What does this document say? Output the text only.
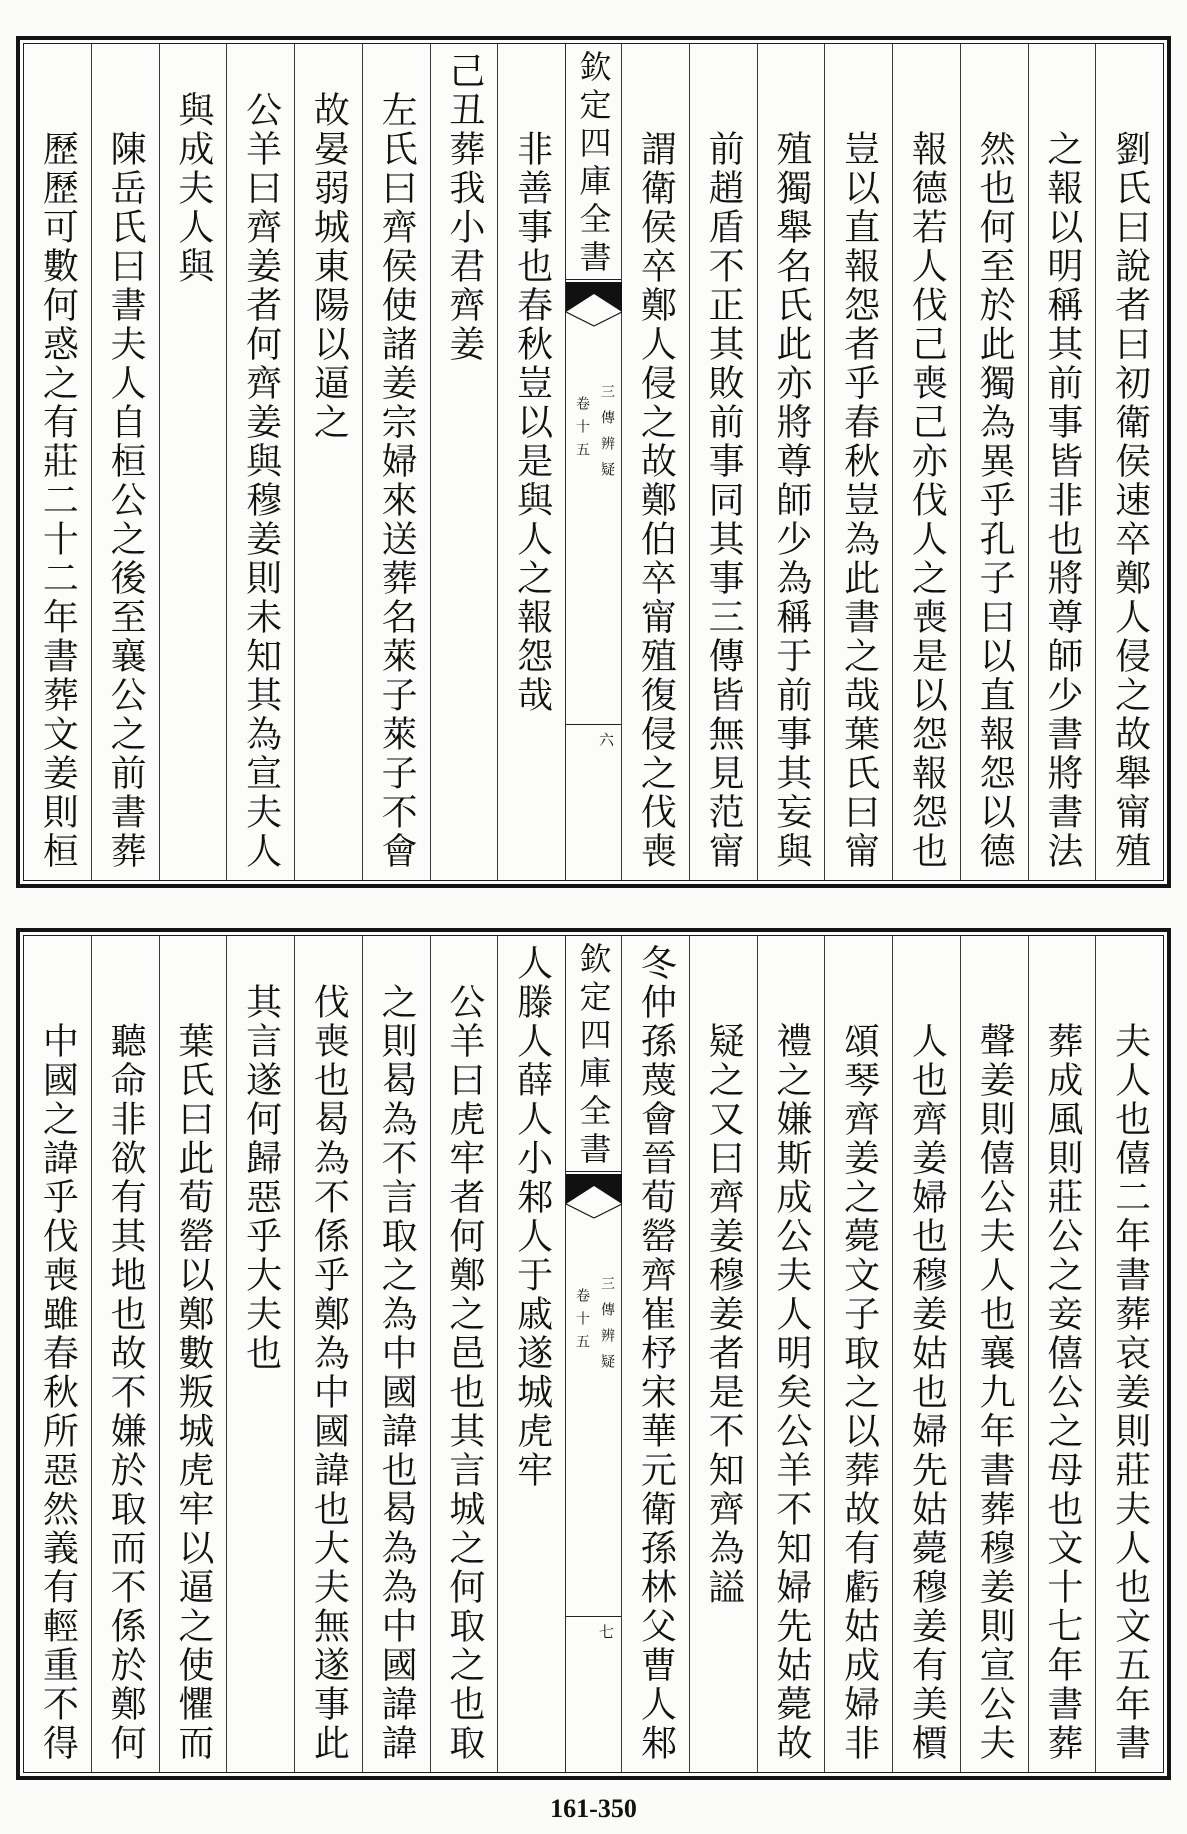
劉氏曰說者曰初衛侯速卒鄭人侵之故舉甯殖
之報以明稱其前事皆非也將尊師少書將書法
然也何至於此獨為異乎孔子曰以直報怨以德
報德若人伐己喪己亦伐人之喪是以怨報怨也
豈以直報怨者乎春秋豈為此書之哉葉氏曰甯
殖獨舉名氏此亦將尊師少為稱于前事其妄與
前趙盾不正其敗前事同其事三傳皆無見范甯
謂衛侯卒鄭人侵之故鄭伯卒甯殖復侵之伐喪
欽定四庫全書
三傳辨疑
卷十五
六
非善事也春秋豈以是與人之報怨哉
己丑葬我小君齊姜
左氏曰齊侯使諸姜宗婦來送葬名萊子萊子不會
故晏弱城東陽以逼之
公羊曰齊姜者何齊姜與穆姜則未知其為宣夫人
與成夫人與
陳岳氏曰書夫人自桓公之後至襄公之前書葬
歷歷可數何惑之有莊二十二年書葬文姜則桓
夫人也僖二年書葬哀姜則莊夫人也文五年書
葬成風則莊公之妾僖公之母也文十七年書葬
聲姜則僖公夫人也襄九年書葬穆姜則宣公夫
人也齊姜婦也穆姜姑也婦先姑薨穆姜有美檟
頌琴齊姜之薨文子取之以葬故有虧姑成婦非
禮之嫌斯成公夫人明矣公羊不知婦先姑薨故
疑之又曰齊姜穆姜者是不知齊為謚
冬仲孫蔑會晉荀罃齊崔杼宋華元衛孫林父曹人邾
欽定四庫全書
三傳辨疑
卷十五
七
人滕人薛人小邾人于戚遂城虎牢
公羊曰虎牢者何鄭之邑也其言城之何取之也取
之則曷為不言取之為中國諱也曷為為中國諱諱
伐喪也曷為不係乎鄭為中國諱也大夫無遂事此
其言遂何歸惡乎大夫也
葉氏曰此荀罃以鄭數叛城虎牢以逼之使懼而
聽命非欲有其地也故不嫌於取而不係於鄭何
中國之諱乎伐喪雖春秋所惡然義有輕重不得
161-350
